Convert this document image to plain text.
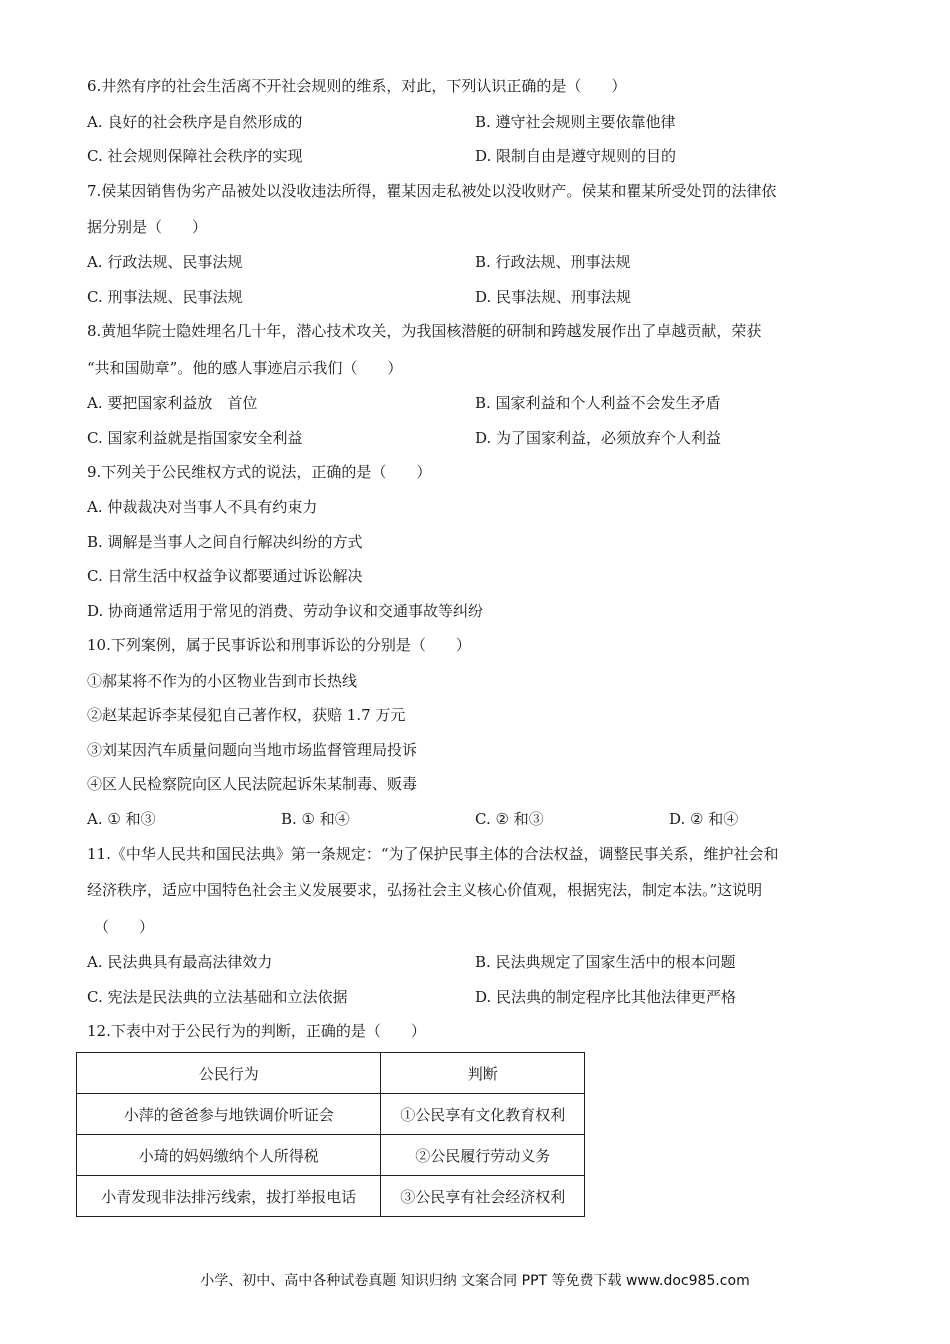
6.井然有序的社会生活离不开社会规则的维系，对此，下列认识正确的是（　　）
A. 良好的社会秩序是自然形成的	B. 遵守社会规则主要依靠他律
C. 社会规则保障社会秩序的实现	D. 限制自由是遵守规则的目的
7.侯某因销售伪劣产品被处以没收违法所得，瞿某因走私被处以没收财产。侯某和瞿某所受处罚的法律依
据分别是（　　）
A. 行政法规、民事法规	B. 行政法规、刑事法规
C. 刑事法规、民事法规	D. 民事法规、刑事法规
8.黄旭华院士隐姓埋名几十年，潜心技术攻关，为我国核潜艇的研制和跨越发展作出了卓越贡献，荣获
“共和国勋章”。他的感人事迹启示我们（　　）
A. 要把国家利益放　首位	B. 国家利益和个人利益不会发生矛盾
C. 国家利益就是指国家安全利益	D. 为了国家利益，必须放弃个人利益
9.下列关于公民维权方式的说法，正确的是（　　）
A. 仲裁裁决对当事人不具有约束力
B. 调解是当事人之间自行解决纠纷的方式
C. 日常生活中权益争议都要通过诉讼解决
D. 协商通常适用于常见的消费、劳动争议和交通事故等纠纷
10.下列案例，属于民事诉讼和刑事诉讼的分别是（　　）
①郝某将不作为的小区物业告到市长热线
②赵某起诉李某侵犯自己著作权，获赔 1.7 万元
③刘某因汽车质量问题向当地市场监督管理局投诉
④区人民检察院向区人民法院起诉朱某制毒、贩毒
A. ① 和③	B. ① 和④	C. ② 和③	D. ② 和④
11.《中华人民共和国民法典》第一条规定：“为了保护民事主体的合法权益，调整民事关系，维护社会和
经济秩序，适应中国特色社会主义发展要求，弘扬社会主义核心价值观，根据宪法，制定本法。”这说明
（　　）
A. 民法典具有最高法律效力	B. 民法典规定了国家生活中的根本问题
C. 宪法是民法典的立法基础和立法依据	D. 民法典的制定程序比其他法律更严格
12.下表中对于公民行为的判断，正确的是（　　）
公民行为	判断
小萍的爸爸参与地铁调价听证会	①公民享有文化教育权利
小琦的妈妈缴纳个人所得税	②公民履行劳动义务
小青发现非法排污线索，拔打举报电话	③公民享有社会经济权利
小学、初中、高中各种试卷真题 知识归纳 文案合同 PPT 等免费下载 www.doc985.com
